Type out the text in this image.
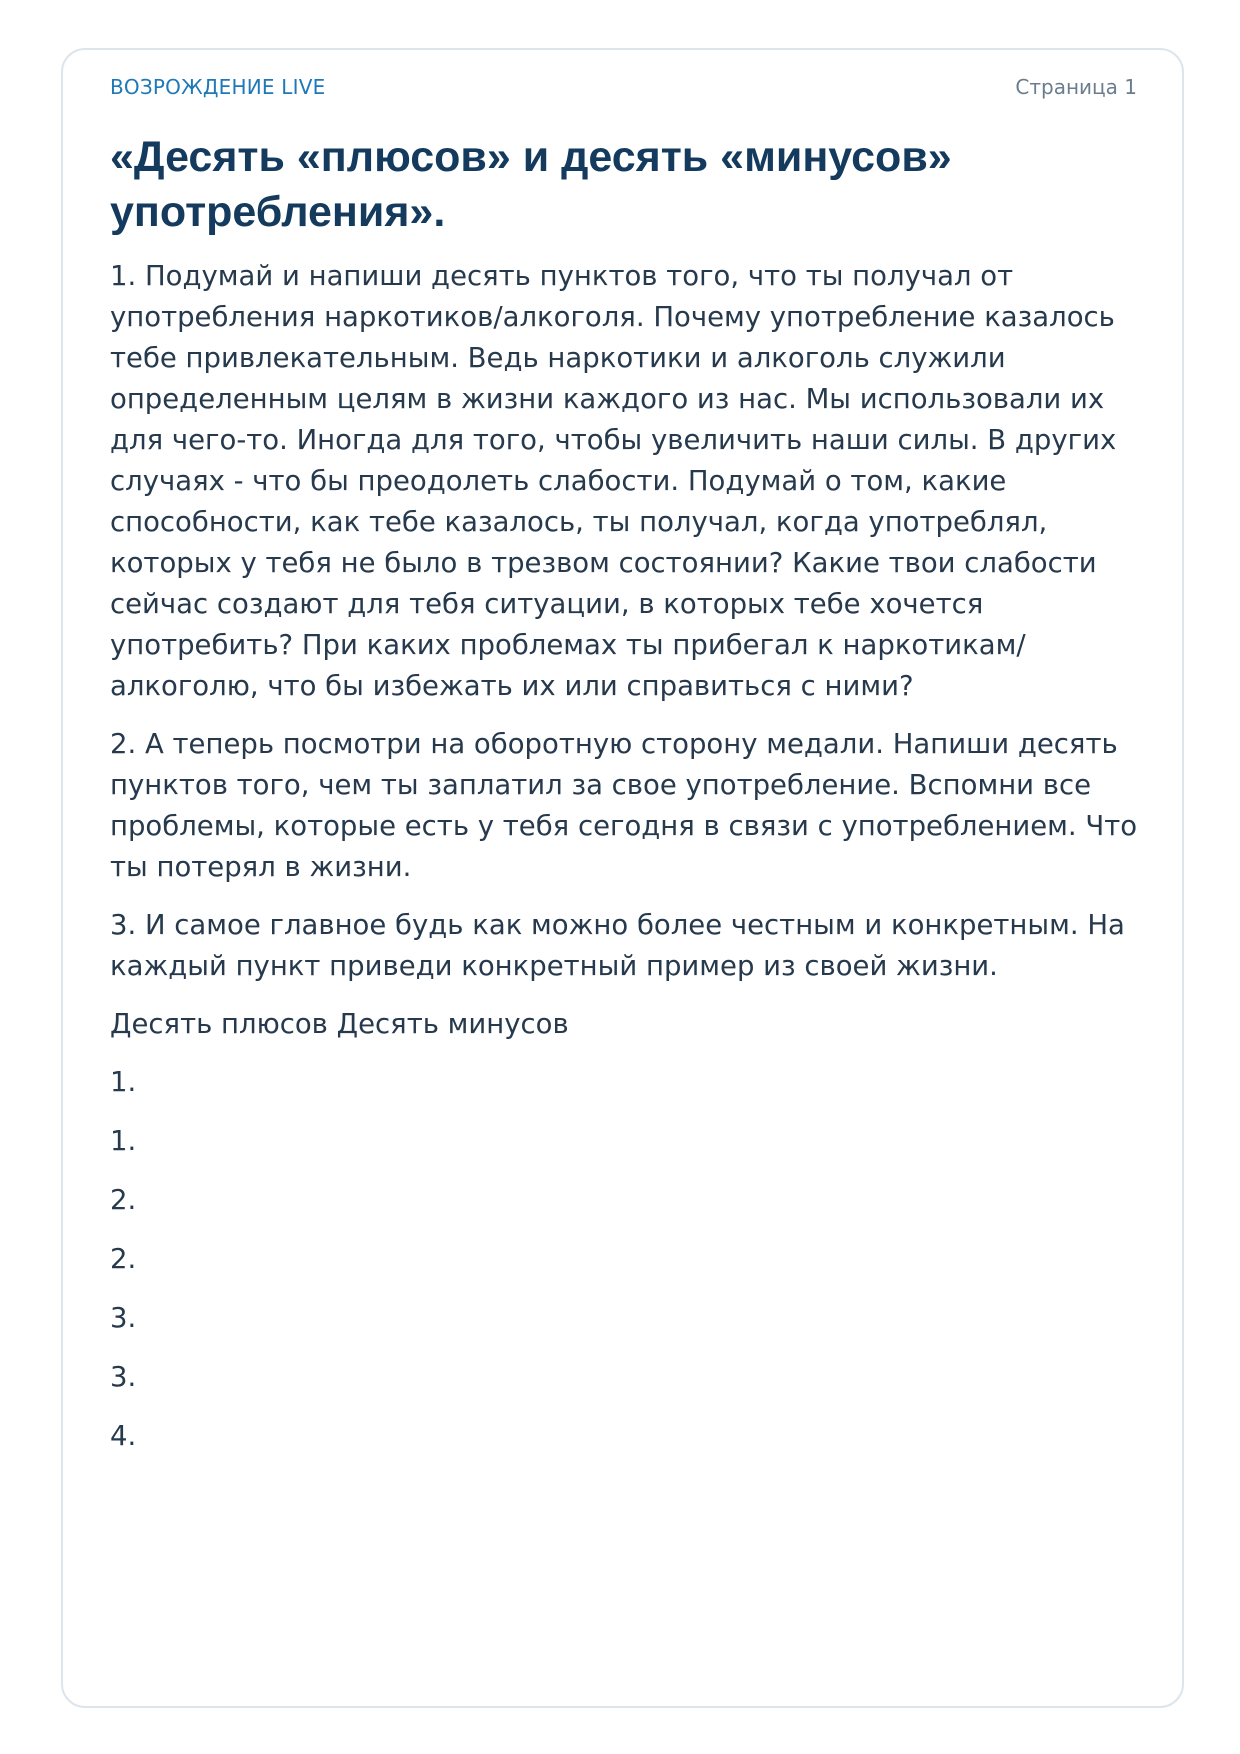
ВОЗРОЖДЕНИЕ LIVE	Страница 1
«Десять «плюсов» и десять «минусов» употребления».

1. Подумай и напиши десять пунктов того, что ты получал от употребления наркотиков/алкоголя. Почему употребление казалось тебе привлекательным. Ведь наркотики и алкоголь служили определенным целям в жизни каждого из нас. Мы использовали их для чего-то. Иногда для того, чтобы увеличить наши силы. В других случаях - что бы преодолеть слабости. Подумай о том, какие способности, как тебе казалось, ты получал, когда употреблял, которых у тебя не было в трезвом состоянии? Какие твои слабости сейчас создают для тебя ситуации, в которых тебе хочется употребить? При каких проблемах ты прибегал к наркотикам/алкоголю, что бы избежать их или справиться с ними?

2. А теперь посмотри на оборотную сторону медали. Напиши десять пунктов того, чем ты заплатил за свое употребление. Вспомни все проблемы, которые есть у тебя сегодня в связи с употреблением. Что ты потерял в жизни.

3. И самое главное будь как можно более честным и конкретным. На каждый пункт приведи конкретный пример из своей жизни.

Десять плюсов Десять минусов

1.
1.
2.
2.
3.
3.
4.
